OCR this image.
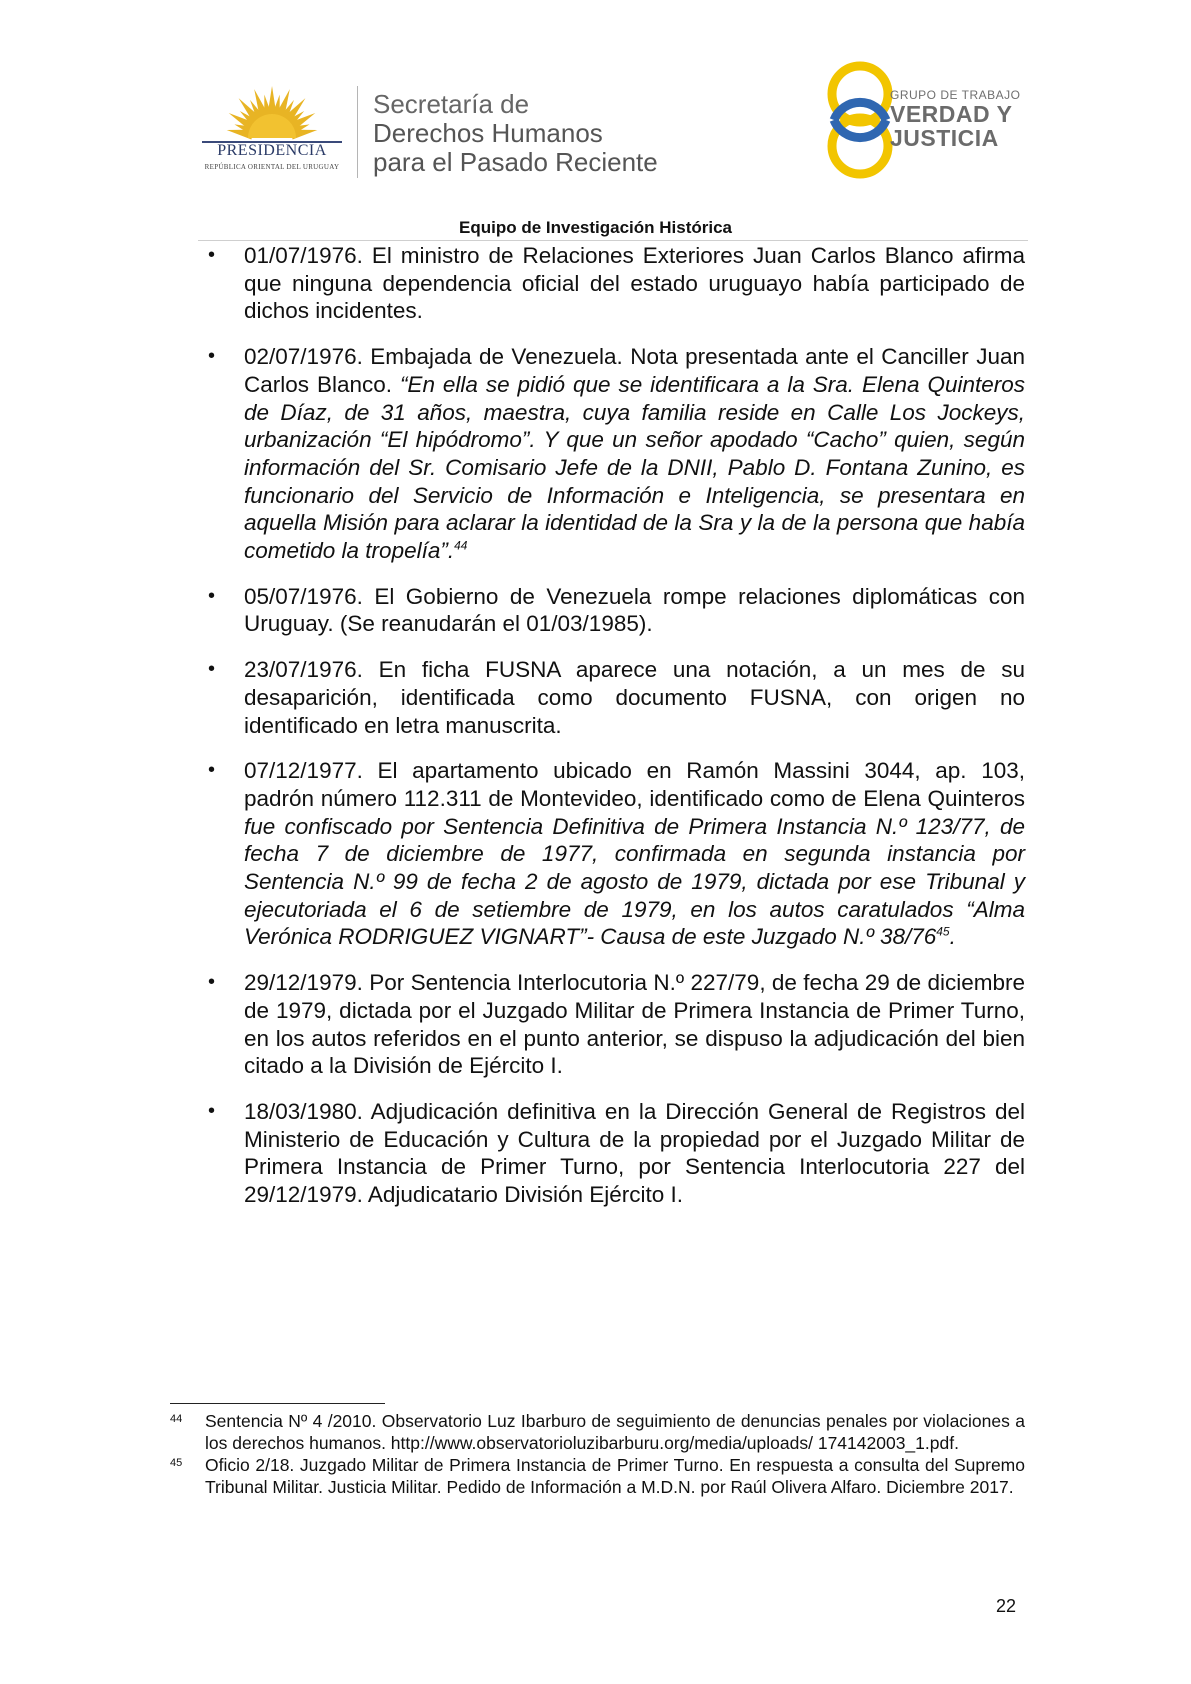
PRESIDENCIA
REPÚBLICA ORIENTAL DEL URUGUAY
Secretaría de
Derechos Humanos
para el Pasado Reciente
GRUPO DE TRABAJO
VERDAD Y
JUSTICIA
Equipo de Investigación Histórica
• 01/07/1976. El ministro de Relaciones Exteriores Juan Carlos Blanco afirma que ninguna dependencia oficial del estado uruguayo había participado de dichos incidentes.
• 02/07/1976. Embajada de Venezuela. Nota presentada ante el Canciller Juan Carlos Blanco. “En ella se pidió que se identificara a la Sra. Elena Quinteros de Díaz, de 31 años, maestra, cuya familia reside en Calle Los Jockeys, urbanización “El hipódromo”. Y que un señor apodado “Cacho” quien, según información del Sr. Comisario Jefe de la DNII, Pablo D. Fontana Zunino, es funcionario del Servicio de Información e Inteligencia, se presentara en aquella Misión para aclarar la identidad de la Sra y la de la persona que había cometido la tropelía”.$^{44}$
• 05/07/1976. El Gobierno de Venezuela rompe relaciones diplomáticas con Uruguay. (Se reanudarán el 01/03/1985).
• 23/07/1976. En ficha FUSNA aparece una notación, a un mes de su desaparición, identificada como documento FUSNA, con origen no identificado en letra manuscrita.
• 07/12/1977. El apartamento ubicado en Ramón Massini 3044, ap. 103, padrón número 112.311 de Montevideo, identificado como de Elena Quinteros fue confiscado por Sentencia Definitiva de Primera Instancia N.º 123/77, de fecha 7 de diciembre de 1977, confirmada en segunda instancia por Sentencia N.º 99 de fecha 2 de agosto de 1979, dictada por ese Tribunal y ejecutoriada el 6 de setiembre de 1979, en los autos caratulados “Alma Verónica RODRIGUEZ VIGNART”- Causa de este Juzgado N.º $38/76^{45}$.
• 29/12/1979. Por Sentencia Interlocutoria N.º 227/79, de fecha 29 de diciembre de 1979, dictada por el Juzgado Militar de Primera Instancia de Primer Turno, en los autos referidos en el punto anterior, se dispuso la adjudicación del bien citado a la División de Ejército I.
• 18/03/1980. Adjudicación definitiva en la Dirección General de Registros del Ministerio de Educación y Cultura de la propiedad por el Juzgado Militar de Primera Instancia de Primer Turno, por Sentencia Interlocutoria 227 del 29/12/1979. Adjudicatario División Ejército I.

44 Sentencia Nº 4 /2010. Observatorio Luz Ibarburo de seguimiento de denuncias penales por violaciones a los derechos humanos. http://www.observatorioluzibarburu.org/media/uploads/ 174142003_1.pdf.

45 Oficio 2/18. Juzgado Militar de Primera Instancia de Primer Turno. En respuesta a consulta del Supremo Tribunal Militar. Justicia Militar. Pedido de Información a M.D.N. por Raúl Olivera Alfaro. Diciembre 2017.

22
